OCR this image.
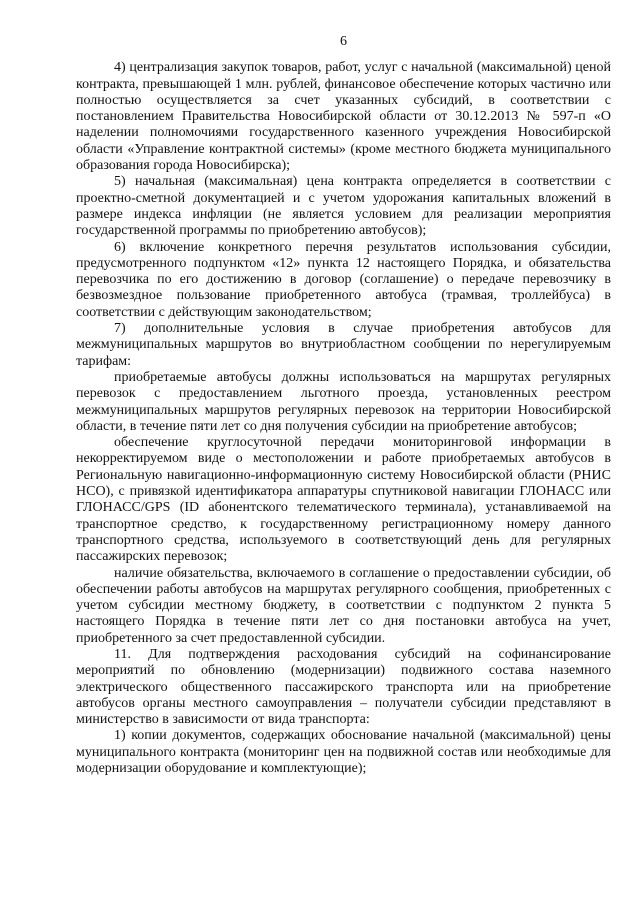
6

4) централизация закупок товаров, работ, услуг с начальной (максимальной) ценой контракта, превышающей 1 млн. рублей, финансовое обеспечение которых частично или полностью осуществляется за счет указанных субсидий, в соответствии с постановлением Правительства Новосибирской области от 30.12.2013 № 597-п «О наделении полномочиями государственного казенного учреждения Новосибирской области «Управление контрактной системы» (кроме местного бюджета муниципального образования города Новосибирска);

5) начальная (максимальная) цена контракта определяется в соответствии с проектно-сметной документацией и с учетом удорожания капитальных вложений в размере индекса инфляции (не является условием для реализации мероприятия государственной программы по приобретению автобусов);

6) включение конкретного перечня результатов использования субсидии, предусмотренного подпунктом «12» пункта 12 настоящего Порядка, и обязательства перевозчика по его достижению в договор (соглашение) о передаче перевозчику в безвозмездное пользование приобретенного автобуса (трамвая, троллейбуса) в соответствии с действующим законодательством;

7) дополнительные условия в случае приобретения автобусов для межмуниципальных маршрутов во внутриобластном сообщении по нерегулируемым тарифам:

приобретаемые автобусы должны использоваться на маршрутах регулярных перевозок с предоставлением льготного проезда, установленных реестром межмуниципальных маршрутов регулярных перевозок на территории Новосибирской области, в течение пяти лет со дня получения субсидии на приобретение автобусов;

обеспечение круглосуточной передачи мониторинговой информации в некорректируемом виде о местоположении и работе приобретаемых автобусов в Региональную навигационно-информационную систему Новосибирской области (РНИС НСО), с привязкой идентификатора аппаратуры спутниковой навигации ГЛОНАСС или ГЛОНАСС/GPS (ID абонентского телематического терминала), устанавливаемой на транспортное средство, к государственному регистрационному номеру данного транспортного средства, используемого в соответствующий день для регулярных пассажирских перевозок;

наличие обязательства, включаемого в соглашение о предоставлении субсидии, об обеспечении работы автобусов на маршрутах регулярного сообщения, приобретенных с учетом субсидии местному бюджету, в соответствии с подпунктом 2 пункта 5 настоящего Порядка в течение пяти лет со дня постановки автобуса на учет, приобретенного за счет предоставленной субсидии.

11. Для подтверждения расходования субсидий на софинансирование мероприятий по обновлению (модернизации) подвижного состава наземного электрического общественного пассажирского транспорта или на приобретение автобусов органы местного самоуправления – получатели субсидии представляют в министерство в зависимости от вида транспорта:

1) копии документов, содержащих обоснование начальной (максимальной) цены муниципального контракта (мониторинг цен на подвижной состав или необходимые для модернизации оборудование и комплектующие);
